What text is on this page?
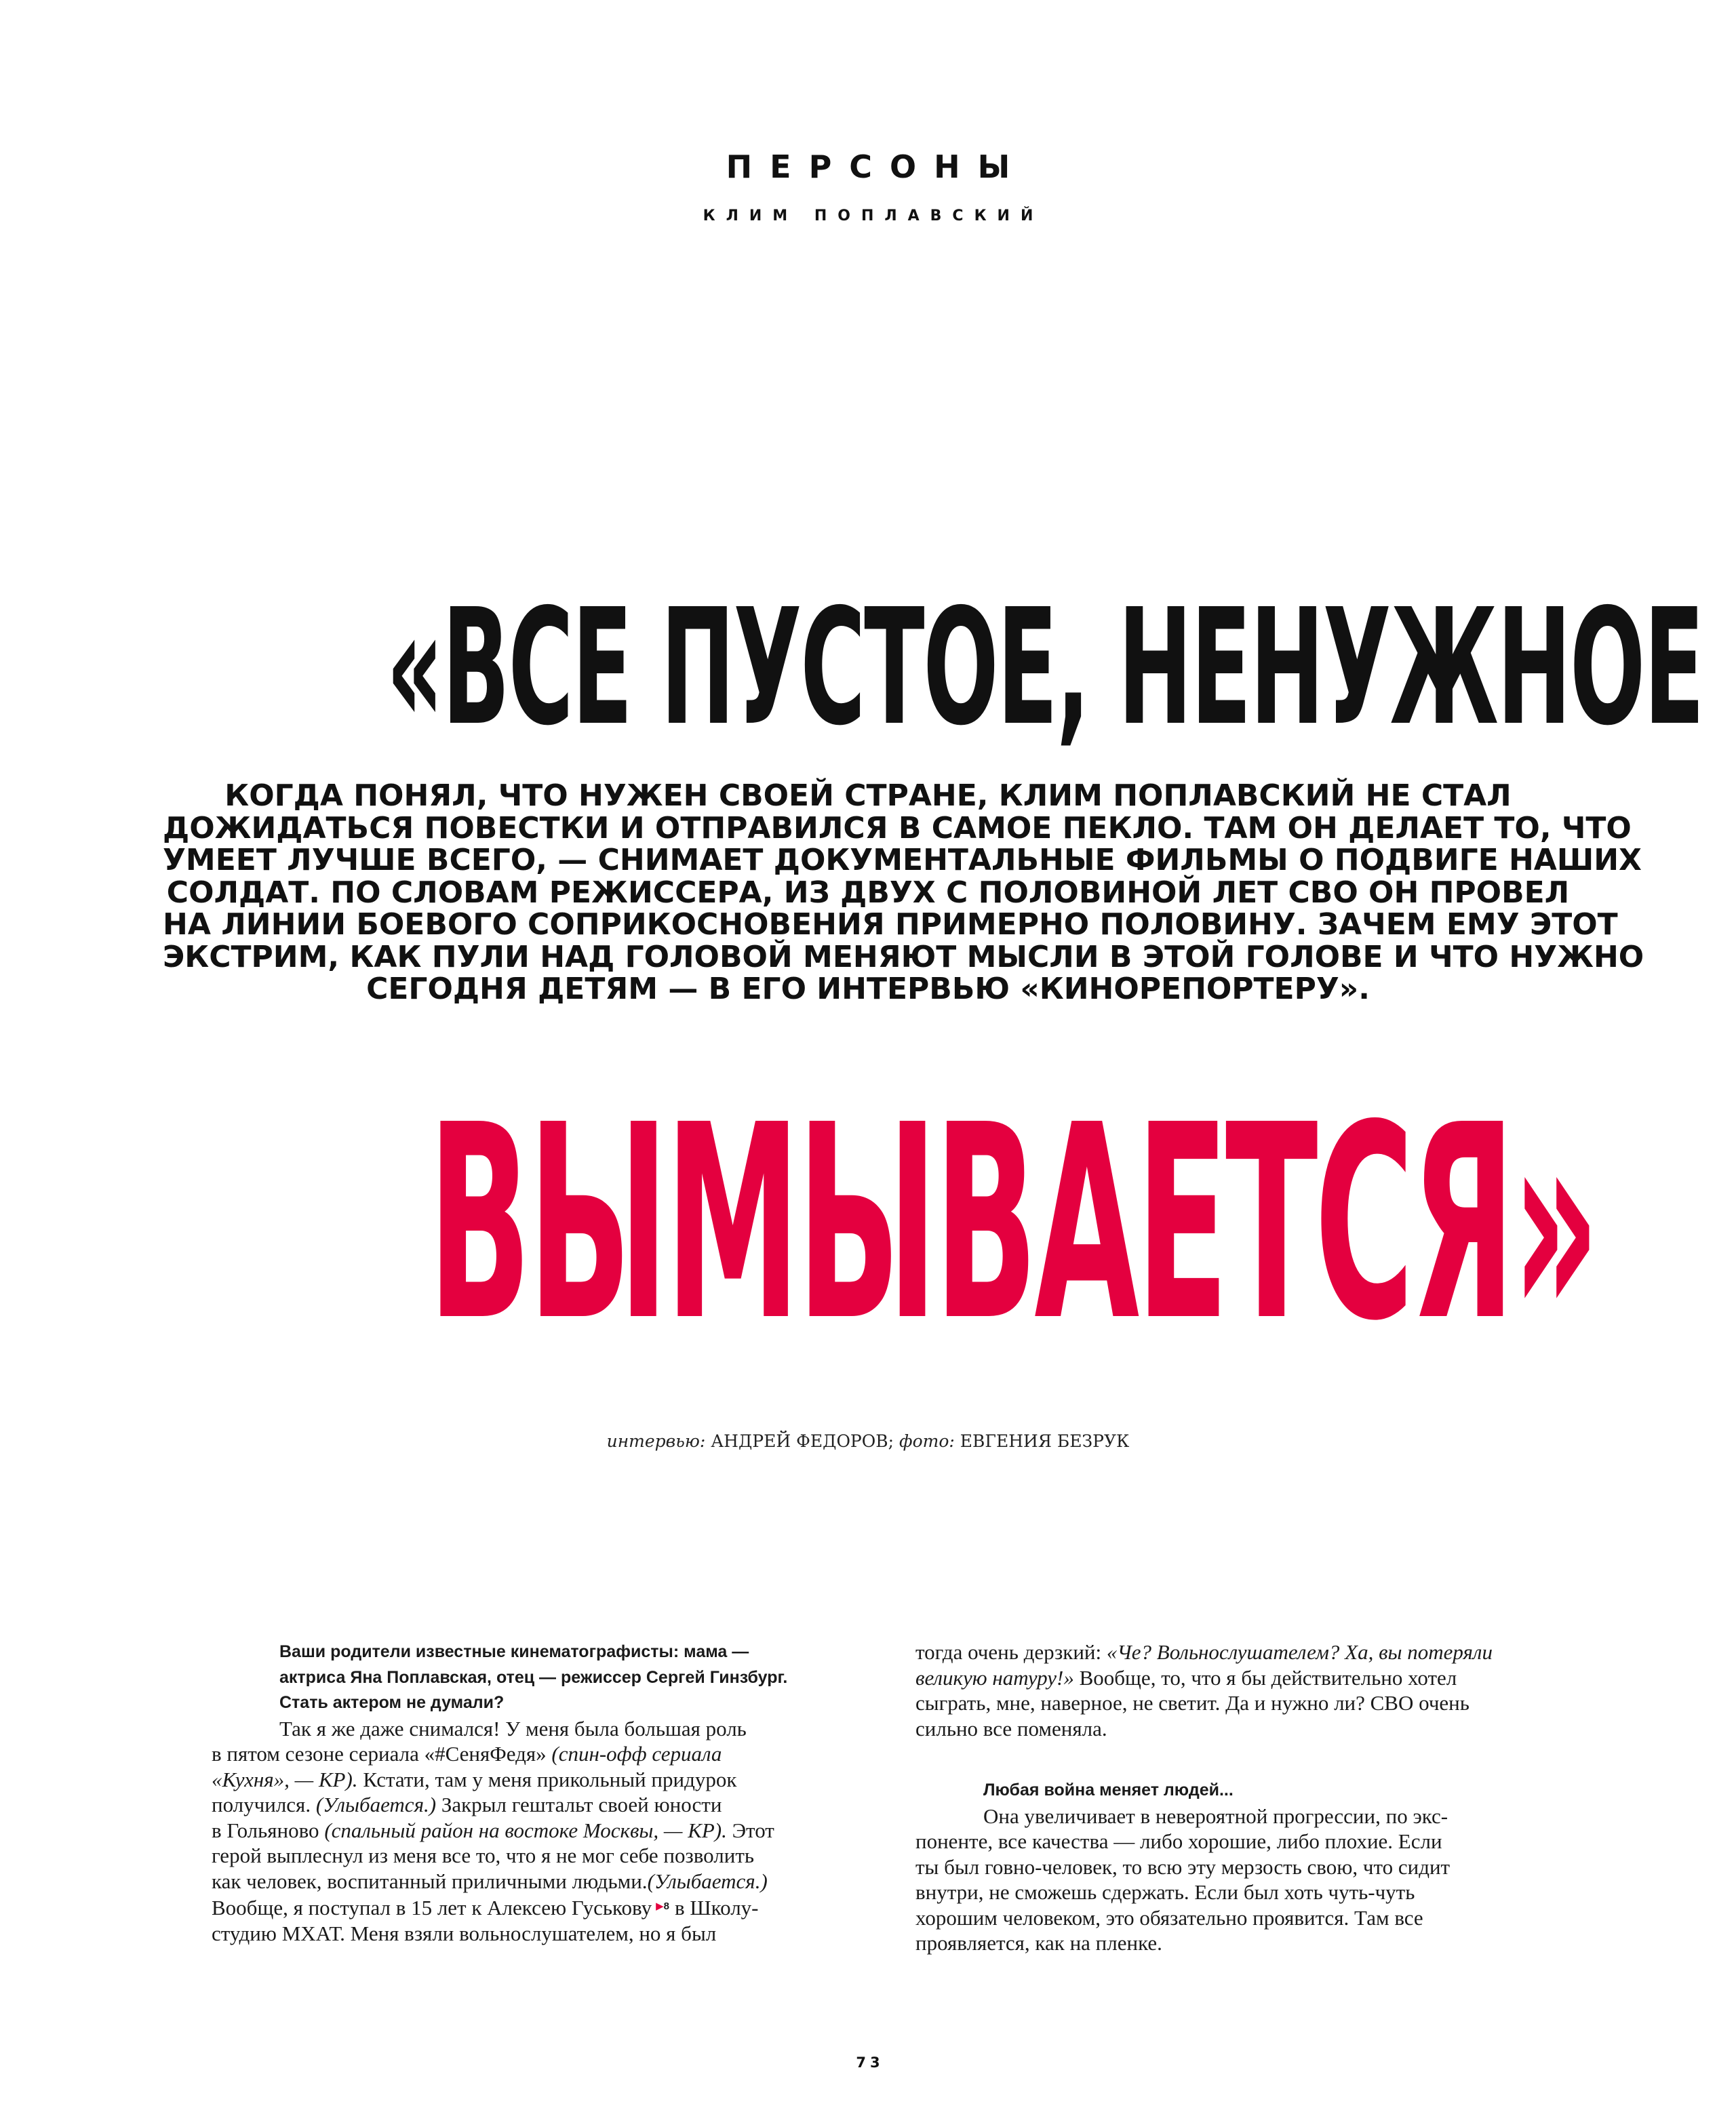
ПЕРСОНЫ
КЛИМ ПОПЛАВСКИЙ
«ВСЕ ПУСТОЕ, НЕНУЖНОЕ
КОГДА ПОНЯЛ, ЧТО НУЖЕН СВОЕЙ СТРАНЕ, КЛИМ ПОПЛАВСКИЙ НЕ СТАЛ
ДОЖИДАТЬСЯ ПОВЕСТКИ И ОТПРАВИЛСЯ В САМОЕ ПЕКЛО. ТАМ ОН ДЕЛАЕТ ТО, ЧТО
УМЕЕТ ЛУЧШЕ ВСЕГО, — СНИМАЕТ ДОКУМЕНТАЛЬНЫЕ ФИЛЬМЫ О ПОДВИГЕ НАШИХ
СОЛДАТ. ПО СЛОВАМ РЕЖИССЕРА, ИЗ ДВУХ С ПОЛОВИНОЙ ЛЕТ СВО ОН ПРОВЕЛ
НА ЛИНИИ БОЕВОГО СОПРИКОСНОВЕНИЯ ПРИМЕРНО ПОЛОВИНУ. ЗАЧЕМ ЕМУ ЭТОТ
ЭКСТРИМ, КАК ПУЛИ НАД ГОЛОВОЙ МЕНЯЮТ МЫСЛИ В ЭТОЙ ГОЛОВЕ И ЧТО НУЖНО
СЕГОДНЯ ДЕТЯМ — В ЕГО ИНТЕРВЬЮ «КИНОРЕПОРТЕРУ».
ВЫМЫВАЕТСЯ»
интервью: АНДРЕЙ ФЕДОРОВ; фото: ЕВГЕНИЯ БЕЗРУК
Ваши родители известные кинематографисты: мама —
актриса Яна Поплавская, отец — режиссер Сергей Гинзбург.
Стать актером не думали?
Так я же даже снимался! У меня была большая роль
в пятом сезоне сериала «#СеняФедя» (спин-офф сериала
«Кухня», — КР). Кстати, там у меня прикольный придурок
получился. (Улыбается.) Закрыл гештальт своей юности
в Гольяново (спальный район на востоке Москвы, — КР). Этот
герой выплеснул из меня все то, что я не мог себе позволить
как человек, воспитанный приличными людьми.(Улыбается.)
Вообще, я поступал в 15 лет к Алексею Гуськову ▶8 в Школу-
студию МХАТ. Меня взяли вольнослушателем, но я был
тогда очень дерзкий: «Че? Вольнослушателем? Ха, вы потеряли
великую натуру!» Вообще, то, что я бы действительно хотел
сыграть, мне, наверное, не светит. Да и нужно ли? СВО очень
сильно все поменяла.
Любая война меняет людей...
Она увеличивает в невероятной прогрессии, по экс-
поненте, все качества — либо хорошие, либо плохие. Если
ты был говно-человек, то всю эту мерзость свою, что сидит
внутри, не сможешь сдержать. Если был хоть чуть-чуть
хорошим человеком, это обязательно проявится. Там все
проявляется, как на пленке.
73
